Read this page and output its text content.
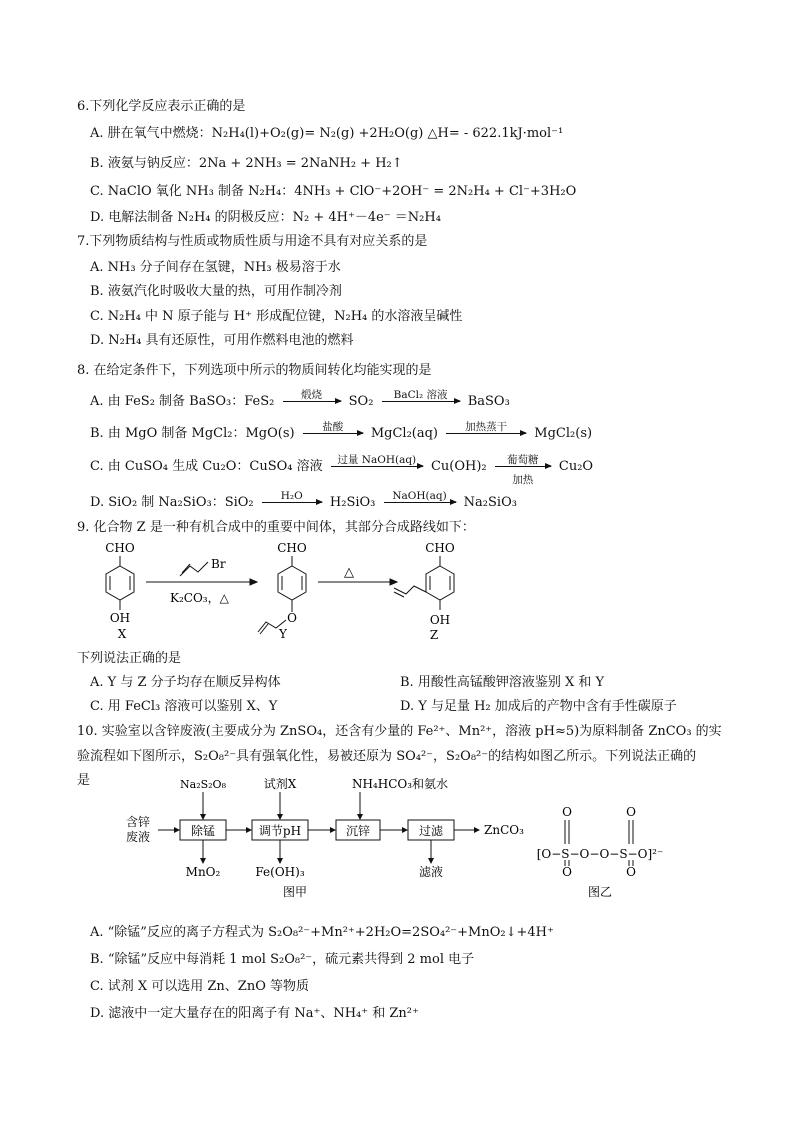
6.下列化学反应表示正确的是
A. 肼在氧气中燃烧：N₂H₄(l)+O₂(g)= N₂(g) +2H₂O(g) △H= - 622.1kJ·mol⁻¹
B. 液氨与钠反应：2Na + 2NH₃ = 2NaNH₂ + H₂↑
C. NaClO 氧化 NH₃ 制备 N₂H₄：4NH₃ + ClO⁻+2OH⁻ = 2N₂H₄ + Cl⁻+3H₂O
D. 电解法制备 N₂H₄ 的阴极反应：N₂ + 4H⁺－4e⁻ ＝N₂H₄
7.下列物质结构与性质或物质性质与用途不具有对应关系的是
A. NH₃ 分子间存在氢键，NH₃ 极易溶于水
B. 液氨汽化时吸收大量的热，可用作制冷剂
C. N₂H₄ 中 N 原子能与 H⁺ 形成配位键，N₂H₄ 的水溶液呈碱性
D. N₂H₄ 具有还原性，可用作燃料电池的燃料
8. 在给定条件下，下列选项中所示的物质间转化均能实现的是
A. 由 FeS₂ 制备 BaSO₃：FeS₂	煅烧	SO₂	BaCl₂ 溶液	BaSO₃
B. 由 MgO 制备 MgCl₂：MgO(s)	盐酸	MgCl₂(aq)	加热蒸干	MgCl₂(s)
C. 由 CuSO₄ 生成 Cu₂O：CuSO₄ 溶液	过量 NaOH(aq)	Cu(OH)₂	葡萄糖
加热
Cu₂O
D. SiO₂ 制 Na₂SiO₃：SiO₂	H₂O	H₂SiO₃	NaOH(aq)	Na₂SiO₃
9. 化合物 Z 是一种有机合成中的重要中间体，其部分合成路线如下：
CHO
OH
X
Br
K₂CO₃，△
CHO
O
Y
△
CHO
OH
Z
下列说法正确的是
A. Y 与 Z 分子均存在顺反异构体	B. 用酸性高锰酸钾溶液鉴别 X 和 Y
C. 用 FeCl₃ 溶液可以鉴别 X、Y	D. Y 与足量 H₂ 加成后的产物中含有手性碳原子
10. 实验室以含锌废液(主要成分为 ZnSO₄，还含有少量的 Fe²⁺、Mn²⁺，溶液 pH≈5)为原料制备 ZnCO₃ 的实
验流程如下图所示，S₂O₈²⁻具有强氧化性，易被还原为 SO₄²⁻，S₂O₈²⁻的结构如图乙所示。下列说法正确的
是
含锌
废液
Na₂S₂O₈	试剂X	NH₄HCO₃和氨水
除锰	调节pH	沉锌	过滤	ZnCO₃
MnO₂	Fe(OH)₃	滤液
图甲
O	O
[O−S−O−O−S−O]²⁻
O	O
图乙
A. “除锰”反应的离子方程式为 S₂O₈²⁻+Mn²⁺+2H₂O=2SO₄²⁻+MnO₂↓+4H⁺
B. “除锰”反应中每消耗 1 mol S₂O₈²⁻，硫元素共得到 2 mol 电子
C. 试剂 X 可以选用 Zn、ZnO 等物质
D. 滤液中一定大量存在的阳离子有 Na⁺、NH₄⁺ 和 Zn²⁺
